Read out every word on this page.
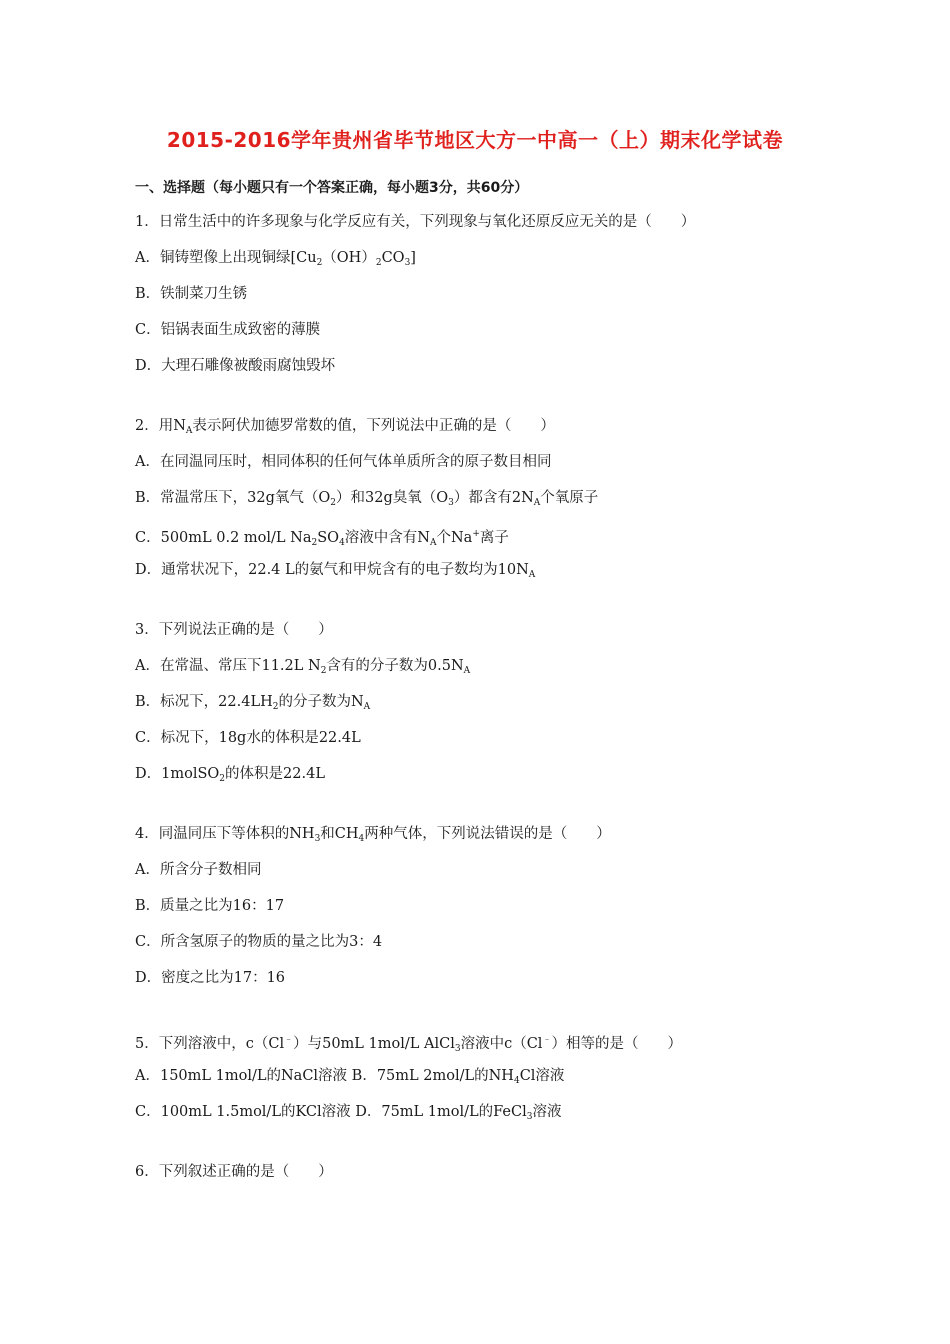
2015-2016学年贵州省毕节地区大方一中高一（上）期末化学试卷
一、选择题（每小题只有一个答案正确，每小题3分，共60分）
1．日常生活中的许多现象与化学反应有关，下列现象与氧化还原反应无关的是（　　）
A．铜铸塑像上出现铜绿$[Cu_2(OH)_2CO_3]$
B．铁制菜刀生锈
C．铝锅表面生成致密的薄膜
D．大理石雕像被酸雨腐蚀毁坏
2．用$N_A$表示阿伏加德罗常数的值，下列说法中正确的是（　　）
A．在同温同压时，相同体积的任何气体单质所含的原子数目相同
B．常温常压下，32g氧气$(O_2)$和32g臭氧$(O_3)$都含有$2N_A$个氧原子
C．500mL 0.2 mol/L $Na_2SO_4$溶液中含有$N_A$个Na+离子
D．通常状况下，22.4 L的氨气和甲烷含有的电子数均为$10N_A$
3．下列说法正确的是（　　）
A．在常温、常压下11.2L $N_2$含有的分子数为$0.5N_A$
B．标况下，$22.4LH_2$的分子数为$N_A$
C．标况下，18g水的体积是22.4L
D．1molSO$_2$的体积是22.4L
4．同温同压下等体积的$NH_3$和$CH_4$两种气体，下列说法错误的是（　　）
A．所含分子数相同
B．质量之比为16：17
C．所含氢原子的物质的量之比为3：4
D．密度之比为17：16
5．下列溶液中，c（Cl﹣）与50mL 1mol/L AlCl$_3$溶液中c（Cl﹣）相等的是（　　）
A．150mL 1mol/L的NaCl溶液 B．75mL 2mol/L的$NH_4Cl$溶液
C．100mL 1.5mol/L的KCl溶液 D．75mL 1mol/L的FeCl$_3$溶液
6．下列叙述正确的是（　　）
